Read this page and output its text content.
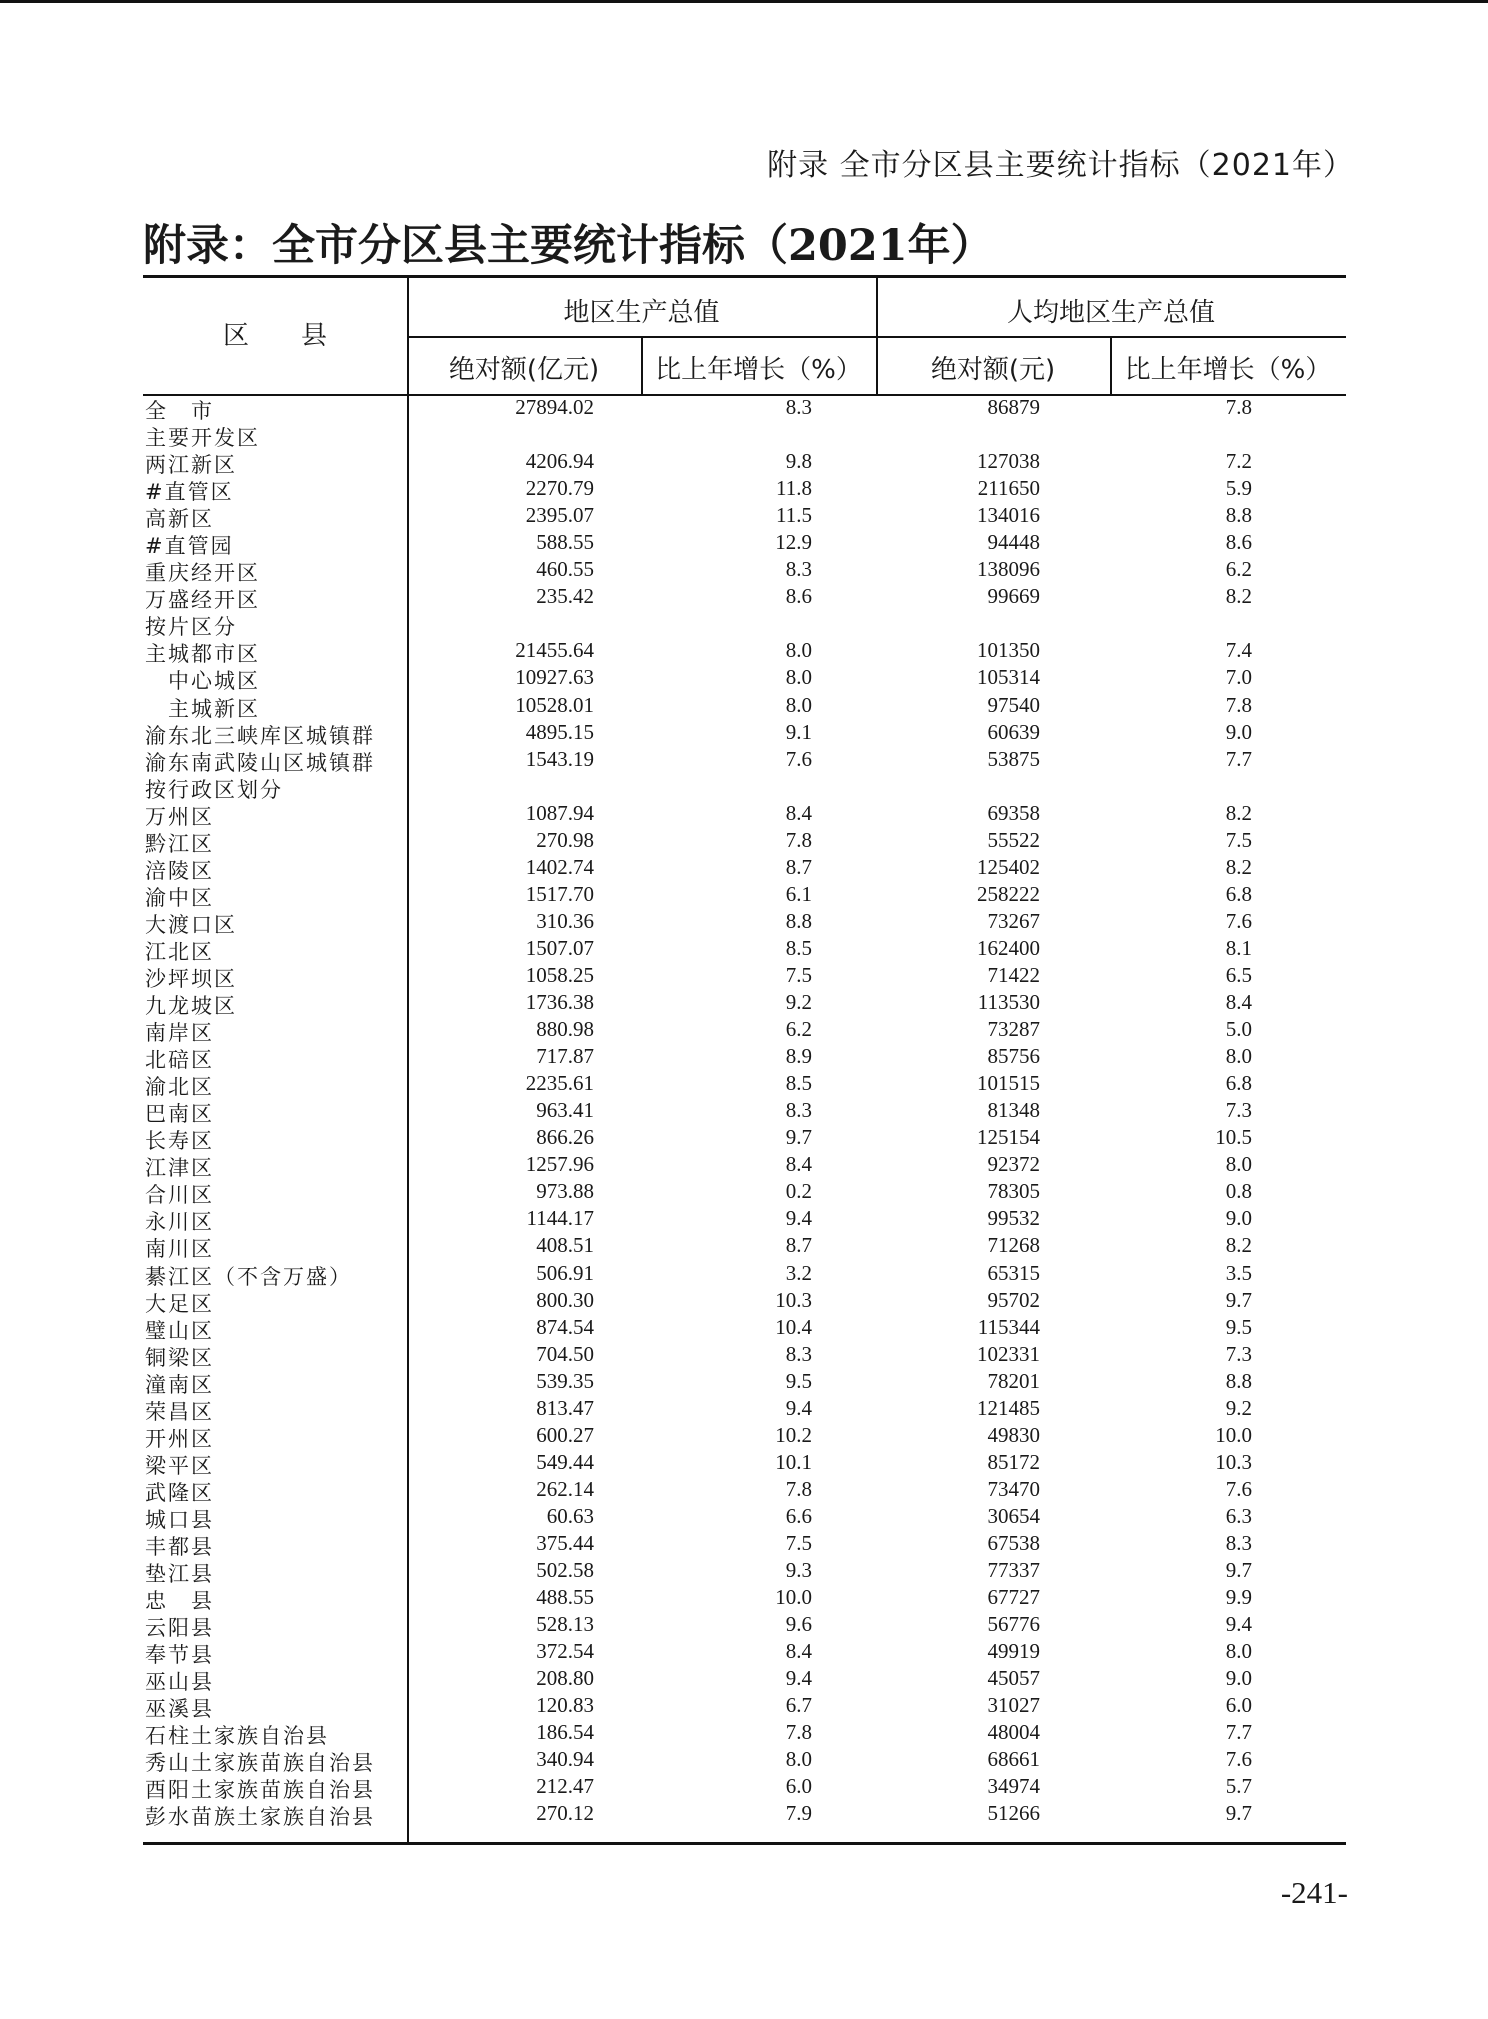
附录 全市分区县主要统计指标（2021年）
附录：全市分区县主要统计指标（2021年）
区　　县
地区生产总值	人均地区生产总值
绝对额(亿元)	比上年增长（%）	绝对额(元)	比上年增长（%）
全　市	27894.02	8.3	86879	7.8
主要开发区
两江新区	4206.94	9.8	127038	7.2
#直管区	2270.79	11.8	211650	5.9
高新区	2395.07	11.5	134016	8.8
#直管园	588.55	12.9	94448	8.6
重庆经开区	460.55	8.3	138096	6.2
万盛经开区	235.42	8.6	99669	8.2
按片区分
主城都市区	21455.64	8.0	101350	7.4
　中心城区	10927.63	8.0	105314	7.0
　主城新区	10528.01	8.0	97540	7.8
渝东北三峡库区城镇群	4895.15	9.1	60639	9.0
渝东南武陵山区城镇群	1543.19	7.6	53875	7.7
按行政区划分
万州区	1087.94	8.4	69358	8.2
黔江区	270.98	7.8	55522	7.5
涪陵区	1402.74	8.7	125402	8.2
渝中区	1517.70	6.1	258222	6.8
大渡口区	310.36	8.8	73267	7.6
江北区	1507.07	8.5	162400	8.1
沙坪坝区	1058.25	7.5	71422	6.5
九龙坡区	1736.38	9.2	113530	8.4
南岸区	880.98	6.2	73287	5.0
北碚区	717.87	8.9	85756	8.0
渝北区	2235.61	8.5	101515	6.8
巴南区	963.41	8.3	81348	7.3
长寿区	866.26	9.7	125154	10.5
江津区	1257.96	8.4	92372	8.0
合川区	973.88	0.2	78305	0.8
永川区	1144.17	9.4	99532	9.0
南川区	408.51	8.7	71268	8.2
綦江区（不含万盛）	506.91	3.2	65315	3.5
大足区	800.30	10.3	95702	9.7
璧山区	874.54	10.4	115344	9.5
铜梁区	704.50	8.3	102331	7.3
潼南区	539.35	9.5	78201	8.8
荣昌区	813.47	9.4	121485	9.2
开州区	600.27	10.2	49830	10.0
梁平区	549.44	10.1	85172	10.3
武隆区	262.14	7.8	73470	7.6
城口县	60.63	6.6	30654	6.3
丰都县	375.44	7.5	67538	8.3
垫江县	502.58	9.3	77337	9.7
忠　县	488.55	10.0	67727	9.9
云阳县	528.13	9.6	56776	9.4
奉节县	372.54	8.4	49919	8.0
巫山县	208.80	9.4	45057	9.0
巫溪县	120.83	6.7	31027	6.0
石柱土家族自治县	186.54	7.8	48004	7.7
秀山土家族苗族自治县	340.94	8.0	68661	7.6
酉阳土家族苗族自治县	212.47	6.0	34974	5.7
彭水苗族土家族自治县	270.12	7.9	51266	9.7
-241-
